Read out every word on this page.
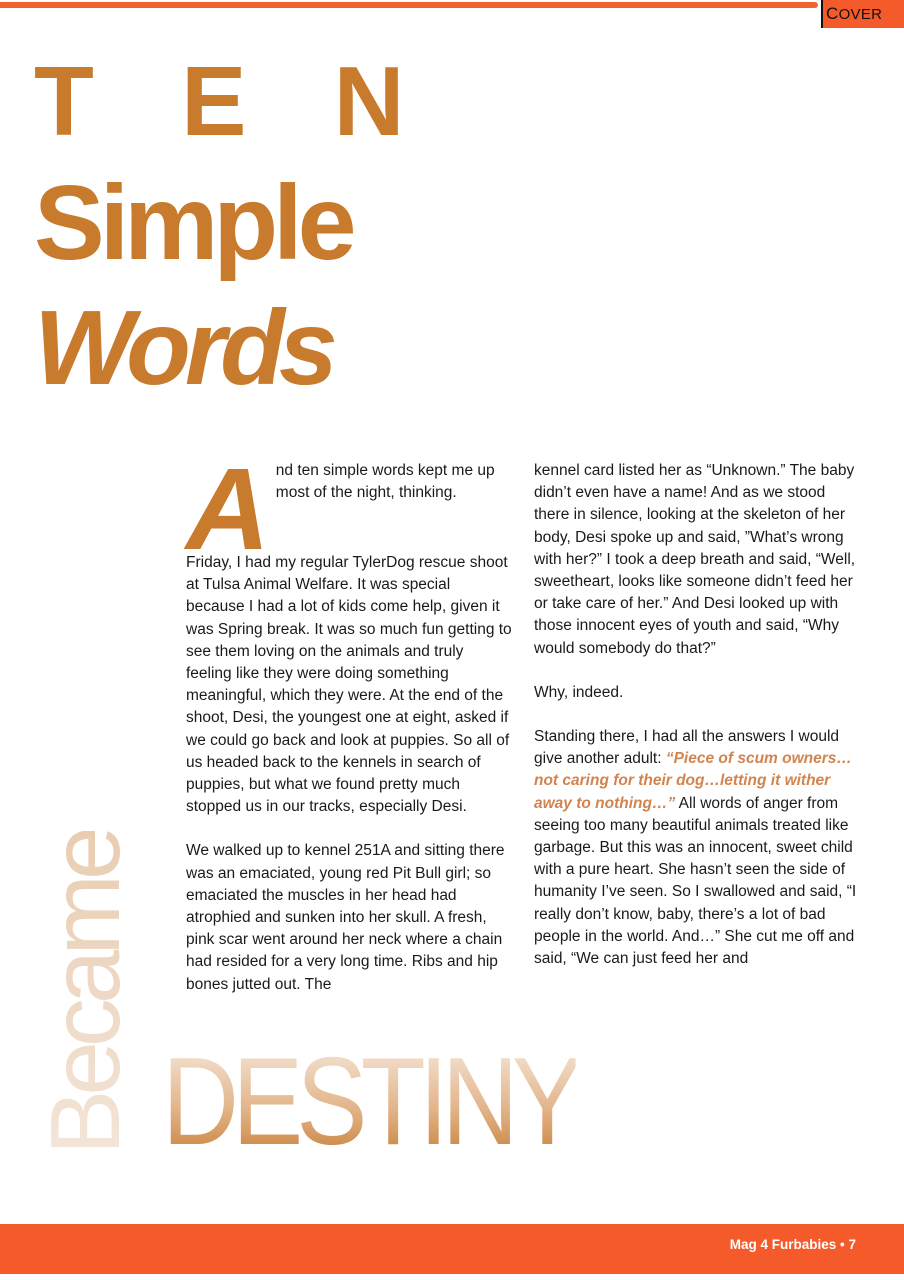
COVER
T E N
Simple
Words

And ten simple words kept me up most of the night, thinking.

Friday, I had my regular TylerDog rescue shoot at Tulsa Animal Welfare. It was special because I had a lot of kids come help, given it was Spring break. It was so much fun getting to see them loving on the animals and truly feeling like they were doing something meaningful, which they were. At the end of the shoot, Desi, the youngest one at eight, asked if we could go back and look at puppies. So all of us headed back to the kennels in search of puppies, but what we found pretty much stopped us in our tracks, especially Desi.

We walked up to kennel 251A and sitting there was an emaciated, young red Pit Bull girl; so emaciated the muscles in her head had atrophied and sunken into her skull. A fresh, pink scar went around her neck where a chain had resided for a very long time. Ribs and hip bones jutted out. The

kennel card listed her as “Unknown.” The baby didn’t even have a name! And as we stood there in silence, looking at the skeleton of her body, Desi spoke up and said, ”What’s wrong with her?” I took a deep breath and said, “Well, sweetheart, looks like someone didn’t feed her or take care of her.” And Desi looked up with those innocent eyes of youth and said, “Why would somebody do that?”

Why, indeed.

Standing there, I had all the answers I would give another adult: “Piece of scum owners…not caring for their dog…letting it wither away to nothing…” All words of anger from seeing too many beautiful animals treated like garbage. But this was an innocent, sweet child with a pure heart. She hasn’t seen the side of humanity I’ve seen. So I swallowed and said, “I really don’t know, baby, there’s a lot of bad people in the world. And…” She cut me off and said, “We can just feed her and

Became DESTINY
Mag 4 Furbabies • 7
